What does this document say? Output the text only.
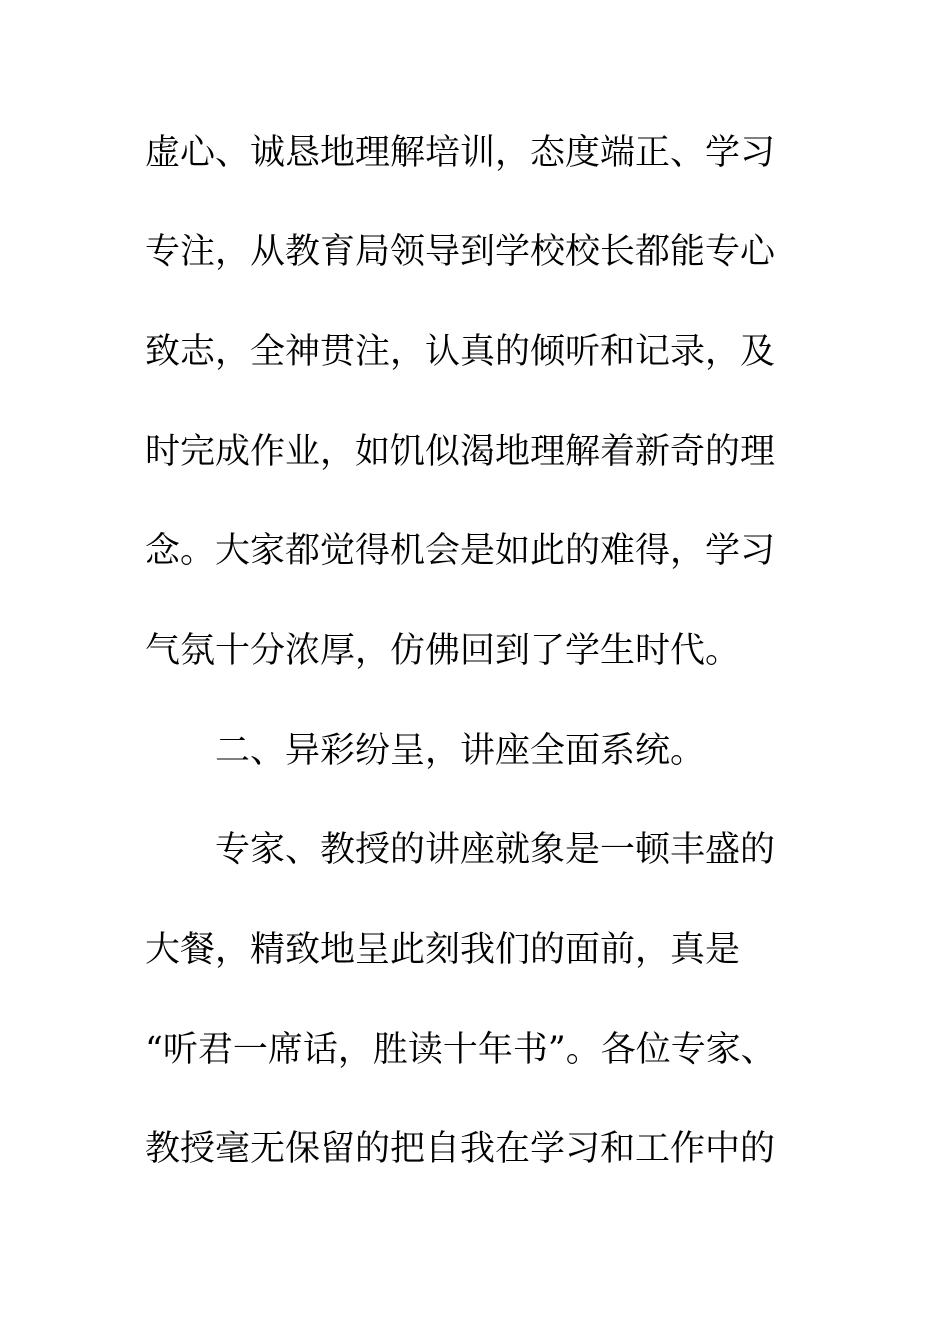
虚心、诚恳地理解培训，态度端正、学习
专注，从教育局领导到学校校长都能专心
致志，全神贯注，认真的倾听和记录，及
时完成作业，如饥似渴地理解着新奇的理
念。大家都觉得机会是如此的难得，学习
气氛十分浓厚，仿佛回到了学生时代。
二、异彩纷呈，讲座全面系统。
专家、教授的讲座就象是一顿丰盛的
大餐，精致地呈此刻我们的面前，真是
“听君一席话，胜读十年书”。各位专家、
教授毫无保留的把自我在学习和工作中的
